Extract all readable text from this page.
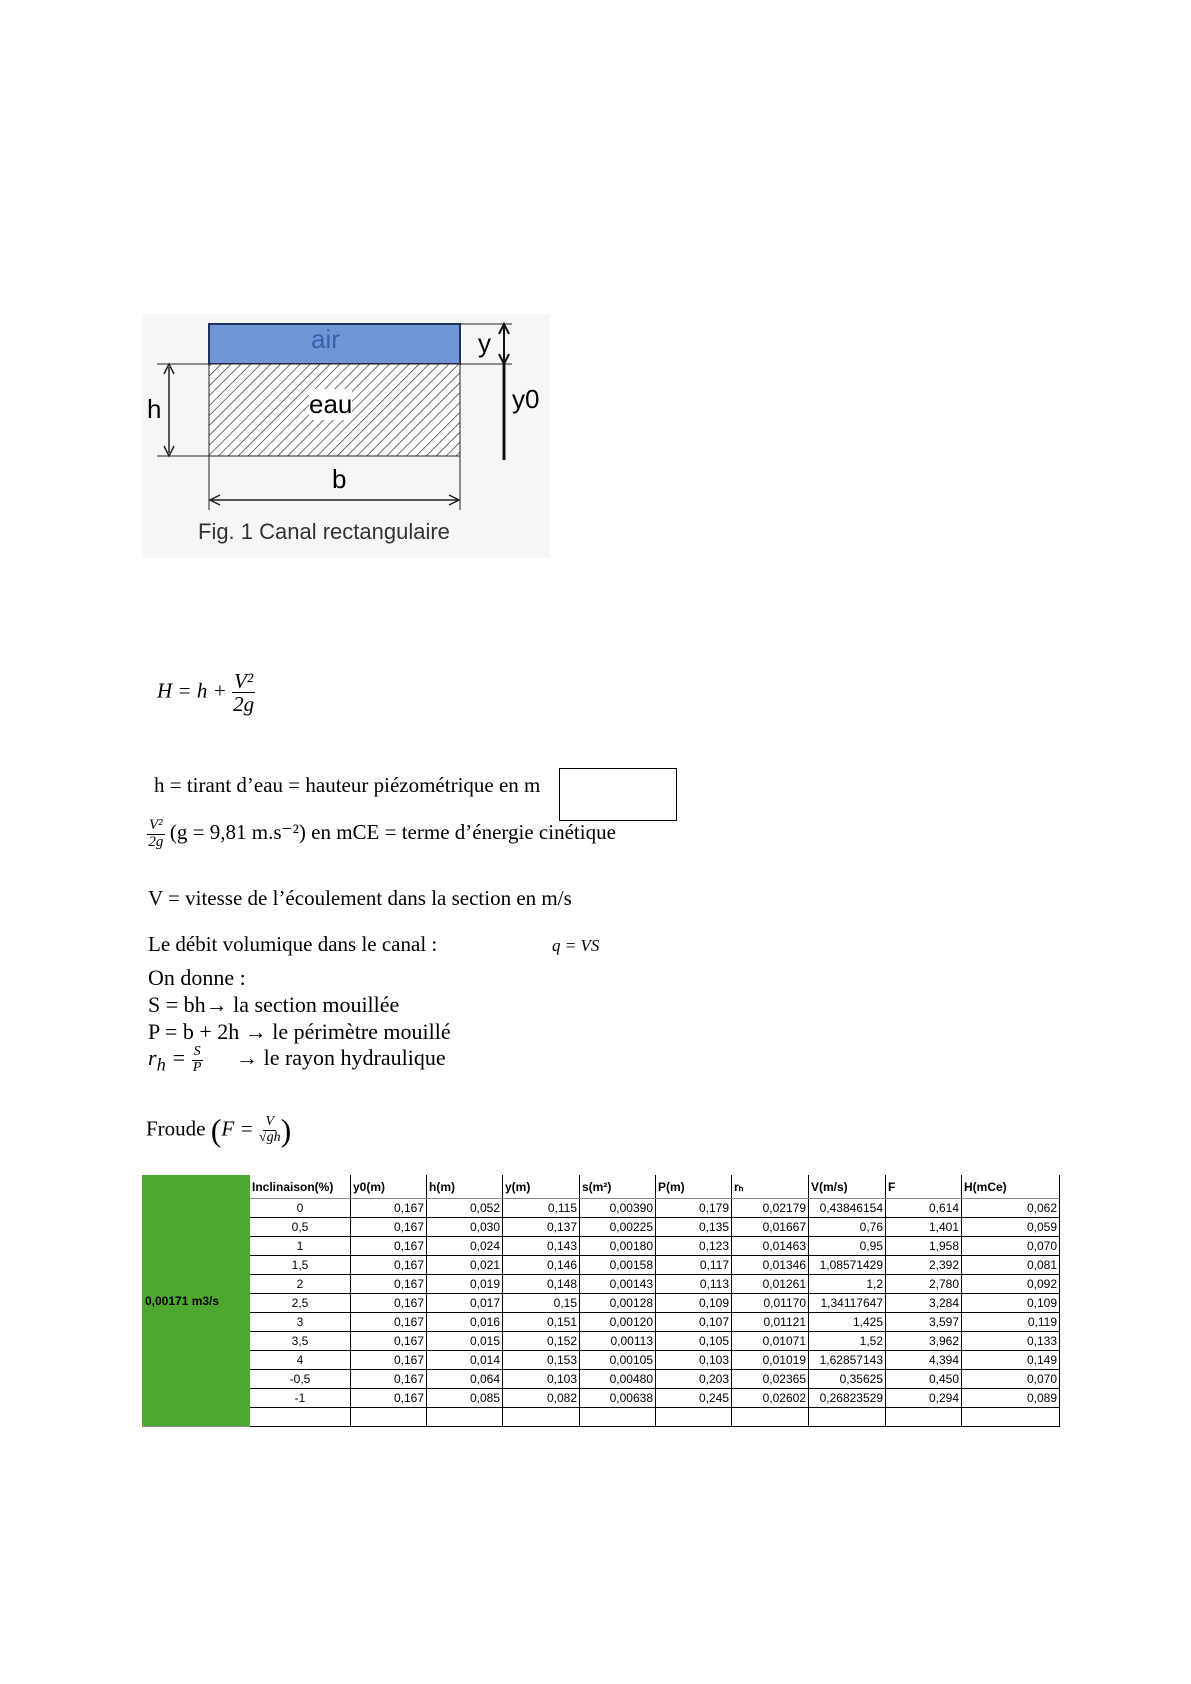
air
eau
h
b
y
y0
Fig. 1 Canal rectangulaire
$H = h + \frac{\text{V²}}{2g}$
h = tirant d’eau = hauteur piézométrique en m
$\frac{\text{V²}}{2g} (g = 9,81$ m.s⁻²) en mCE = terme d’énergie cinétique
V = vitesse de l’écoulement dans la section en m/s
Le débit volumique dans le canal :	q = VS
On donne :
S = bh→ la section mouillée
P = b + 2h → le périmètre mouillé
$r_h = \frac{S}{P}$ → le rayon hydraulique
Froude ($F = \frac{V}{√gh}$ )
0,00171 m3/s	Inclinaison(%)	y0(m)	h(m)	y(m)	s(m²)	P(m)	rₕ	V(m/s)	F	H(mCe)
	0	0,167	0,052	0,115	0,00390	0,179	0,02179	0,43846154	0,614	0,062
	0,5	0,167	0,030	0,137	0,00225	0,135	0,01667	0,76	1,401	0,059
	1	0,167	0,024	0,143	0,00180	0,123	0,01463	0,95	1,958	0,070
	1,5	0,167	0,021	0,146	0,00158	0,117	0,01346	1,08571429	2,392	0,081
	2	0,167	0,019	0,148	0,00143	0,113	0,01261	1,2	2,780	0,092
	2,5	0,167	0,017	0,15	0,00128	0,109	0,01170	1,34117647	3,284	0,109
	3	0,167	0,016	0,151	0,00120	0,107	0,01121	1,425	3,597	0,119
	3,5	0,167	0,015	0,152	0,00113	0,105	0,01071	1,52	3,962	0,133
	4	0,167	0,014	0,153	0,00105	0,103	0,01019	1,62857143	4,394	0,149
	-0,5	0,167	0,064	0,103	0,00480	0,203	0,02365	0,35625	0,450	0,070
	-1	0,167	0,085	0,082	0,00638	0,245	0,02602	0,26823529	0,294	0,089
